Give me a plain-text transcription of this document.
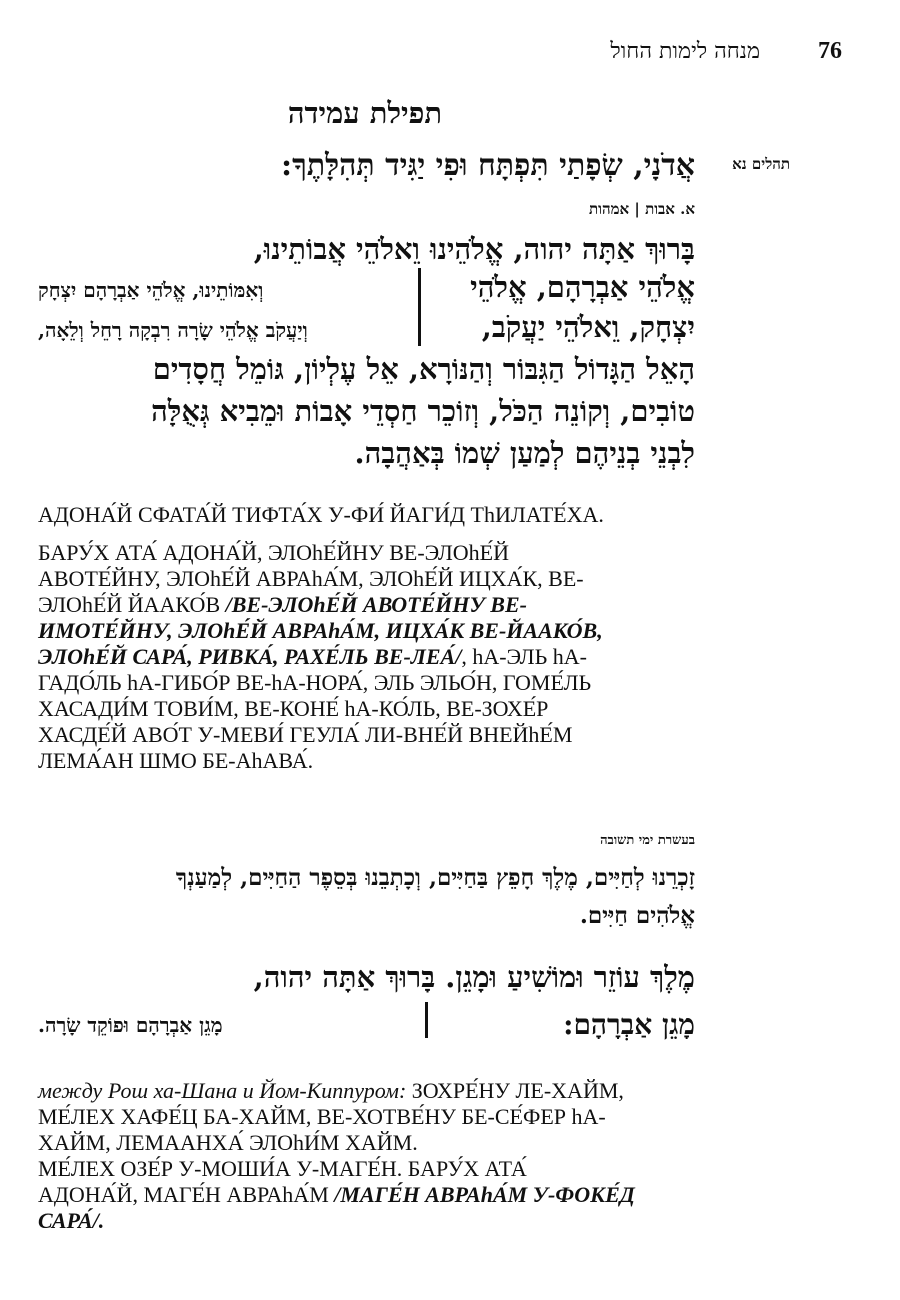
76
מנחה לימות החול
תפילת עמידה
אֲדֹנָי, שְׂפָתַי תִּפְתָּח וּפִי יַגִּיד תְּהִלָּתֶךָ: תהלים נא
א. אבות | אמהות
בָּרוּךְ אַתָּה יהוה, אֱלֹהֵינוּ וֵאלֹהֵי אֲבוֹתֵינוּ,
אֱלֹהֵי אַבְרָהָם, אֱלֹהֵי
וְאִמּוֹתֵינוּ, אֱלֹהֵי אַבְרָהָם יִצְחָק
יִצְחָק, וֵאלֹהֵי יַעֲקֹב,
וְיַעֲקֹב אֱלֹהֵי שָׂרָה רִבְקָה רָחֵל וְלֵאָה,
הָאֵל הַגָּדוֹל הַגִּבּוֹר וְהַנּוֹרָא, אֵל עֶלְיוֹן, גּוֹמֵל חֲסָדִים
טוֹבִים, וְקוֹנֵה הַכֹּל, וְזוֹכֵר חַסְדֵי אָבוֹת וּמֵבִיא גְּאֻלָּה
לִבְנֵי בְנֵיהֶם לְמַעַן שְׁמוֹ בְּאַהֲבָה.
АДОНА́Й СФАТА́Й ТИФТА́Х У-ФИ́ ЙАГИ́Д ТhИЛАТЕ́ХА.
БАРУ́Х АТА́ АДОНА́Й, ЭЛОhЕ́ЙНУ ВЕ-ЭЛОhЕ́Й
АВОТЕ́ЙНУ, ЭЛОhЕ́Й АВРАhА́М, ЭЛОhЕ́Й ИЦХА́К, ВЕ-
ЭЛОhЕ́Й ЙААКО́В /ВЕ-ЭЛОhЕ́Й АВОТЕ́ЙНУ ВЕ-
ИМОТЕ́ЙНУ, ЭЛОhЕ́Й АВРАhА́М, ИЦХА́К ВЕ-ЙААКО́В,
ЭЛОhЕ́Й САРА́, РИВКА́, РАХЕ́ЛЬ ВЕ-ЛЕА́/, hА-ЭЛЬ hА-
ГАДО́ЛЬ hА-ГИБО́Р ВЕ-hА-НОРА́, ЭЛЬ ЭЛЬО́Н, ГОМЕ́ЛЬ
ХАСАДИ́М ТОВИ́М, ВЕ-КОНЕ́ hА-КО́ЛЬ, ВЕ-ЗОХЕ́Р
ХАСДЕ́Й АВО́Т У-МЕВИ́ ГЕУЛА́ ЛИ-ВНЕ́Й ВНЕЙhЕ́М
ЛЕМА́АН ШМО БЕ-АhАВА́.
בעשרת ימי תשובה
זָכְרֵנוּ לְחַיִּים, מֶלֶךְ חָפֵץ בַּחַיִּים, וְכָתְבֵנוּ בְּסֵפֶר הַחַיִּים, לְמַעַנְךָ
אֱלֹהִים חַיִּים.
מֶלֶךְ עוֹזֵר וּמוֹשִׁיעַ וּמָגֵן. בָּרוּךְ אַתָּה יהוה,
מָגֵן אַבְרָהָם:
מָגֵן אַבְרָהָם וּפוֹקֵד שָׂרָה.
между Рош ха-Шана и Йом-Киппуром: ЗОХРЕ́НУ ЛЕ-ХАЙМ,
МЕ́ЛЕХ ХАФЕ́Ц БА-ХАЙМ, ВЕ-ХОТВЕ́НУ БЕ-СЕ́ФЕР hА-
ХАЙМ, ЛЕМААНХА́ ЭЛОhИ́М ХАЙМ.
МЕ́ЛЕХ ОЗЕ́Р У-МОШИ́А У-МАГЕ́Н. БАРУ́Х АТА́
АДОНА́Й, МАГЕ́Н АВРАhА́М /МАГЕ́Н АВРАhА́М У-ФОКЕ́Д
САРА́/.
